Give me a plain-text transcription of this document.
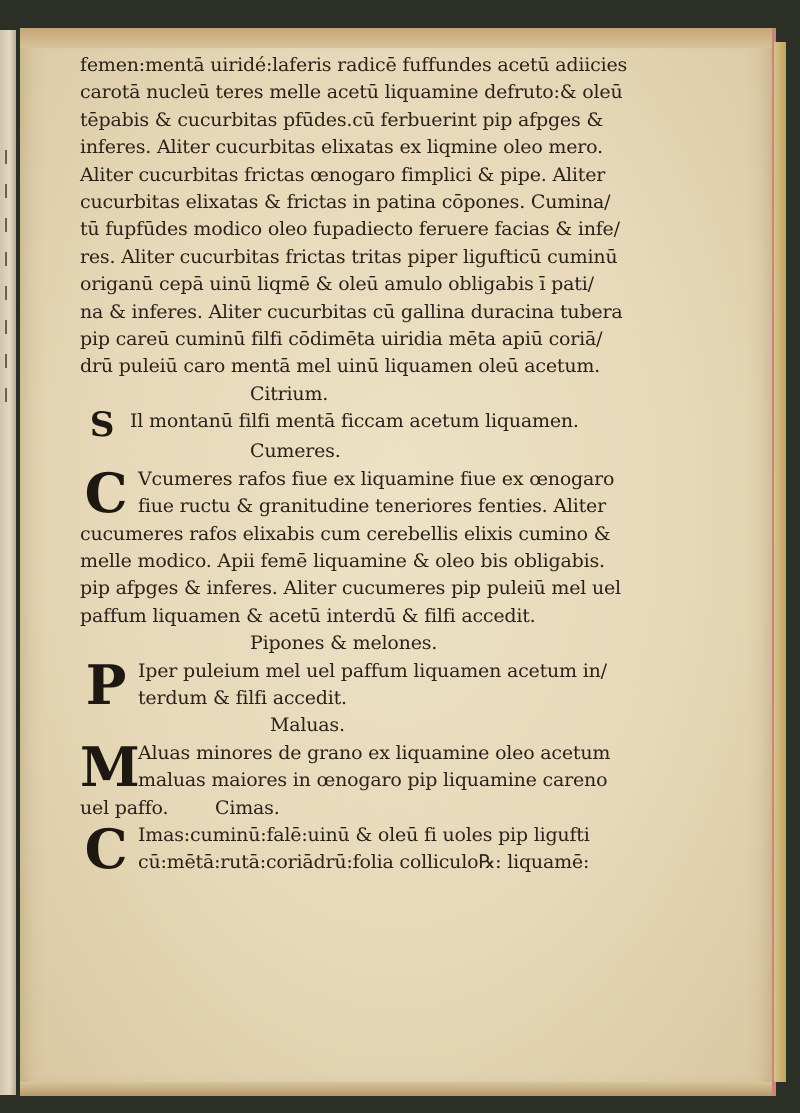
femen:mentā uiridé:laferis radicē fuffundes acetū adiicies

carotā nucleū teres melle acetū liquamine defruto:& oleū

tēpabis & cucurbitas pfūdes.cū ferbuerint pip afpges &

inferes. Aliter cucurbitas elixatas ex liqmine oleo mero.

Aliter cucurbitas frictas œnogaro fimplici & pipe. Aliter

cucurbitas elixatas & frictas in patina cōpones. Cumina/

tū fupfūdes modico oleo fupadiecto feruere facias & infe/

res. Aliter cucurbitas frictas tritas piper ligufticū cuminū

origanū cepā uinū liqmē & oleū amulo obligabis ī pati/

na & inferes. Aliter cucurbitas cū gallina duracina tubera

pip careū cuminū filfi cōdimēta uiridia mēta apiū coriā/

drū puleiū caro mentā mel uinū liquamen oleū acetum.

Citrium.

S Il montanū filfi mentā ficcam acetum liquamen.

Cumeres.

C Vcumeres rafos fiue ex liquamine fiue ex œnogaro

fiue ructu & granitudine teneriores fenties. Aliter

cucumeres rafos elixabis cum cerebellis elixis cumino &

melle modico. Apii femē liquamine & oleo bis obligabis.

pip afpges & inferes. Aliter cucumeres pip puleiū mel uel

paffum liquamen & acetū interdū & filfi accedit.

Pipones & melones.

P Iper puleium mel uel paffum liquamen acetum in/

terdum & filfi accedit.

Maluas.

M

Aluas minores de grano ex liquamine oleo acetum

maluas maiores in œnogaro pip liquamine careno

uel paffo.        Cimas.

C Imas:cuminū:falē:uinū & oleū fi uoles pip ligufti

cū:mētā:rutā:coriādrū:folia colliculo℞: liquamē:
